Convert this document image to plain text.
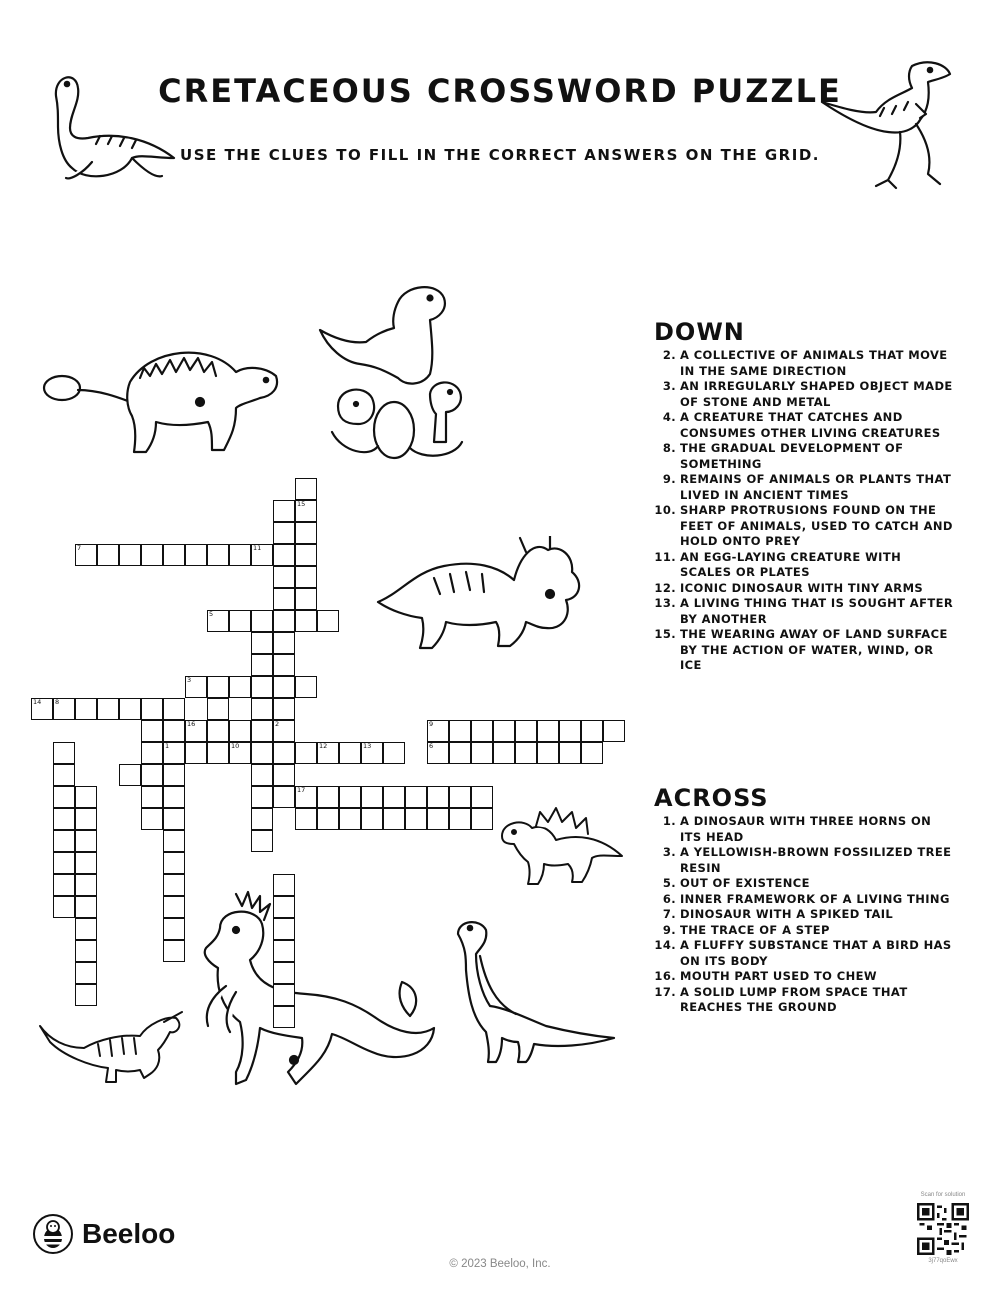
CRETACEOUS CROSSWORD PUZZLE

USE THE CLUES TO FILL IN THE CORRECT ANSWERS ON THE GRID.

7	11
5
3
14 8
16	2	9
1	10	12	13	6
15
17
DOWN
2. A COLLECTIVE OF ANIMALS THAT MOVE IN THE SAME DIRECTION
3. AN IRREGULARLY SHAPED OBJECT MADE OF STONE AND METAL
4. A CREATURE THAT CATCHES AND CONSUMES OTHER LIVING CREATURES
8. THE GRADUAL DEVELOPMENT OF SOMETHING
9. REMAINS OF ANIMALS OR PLANTS THAT LIVED IN ANCIENT TIMES
10. SHARP PROTRUSIONS FOUND ON THE FEET OF ANIMALS, USED TO CATCH AND HOLD ONTO PREY
11. AN EGG-LAYING CREATURE WITH SCALES OR PLATES
12. ICONIC DINOSAUR WITH TINY ARMS
13. A LIVING THING THAT IS SOUGHT AFTER BY ANOTHER
15. THE WEARING AWAY OF LAND SURFACE BY THE ACTION OF WATER, WIND, OR ICE
ACROSS
1. A DINOSAUR WITH THREE HORNS ON ITS HEAD
3. A YELLOWISH-BROWN FOSSILIZED TREE RESIN
5. OUT OF EXISTENCE
6. INNER FRAMEWORK OF A LIVING THING
7. DINOSAUR WITH A SPIKED TAIL
9. THE TRACE OF A STEP
14. A FLUFFY SUBSTANCE THAT A BIRD HAS ON ITS BODY
16. MOUTH PART USED TO CHEW
17. A SOLID LUMP FROM SPACE THAT REACHES THE GROUND
Beeloo
© 2023 Beeloo, Inc.
Scan for solution
3j77qoEwx
